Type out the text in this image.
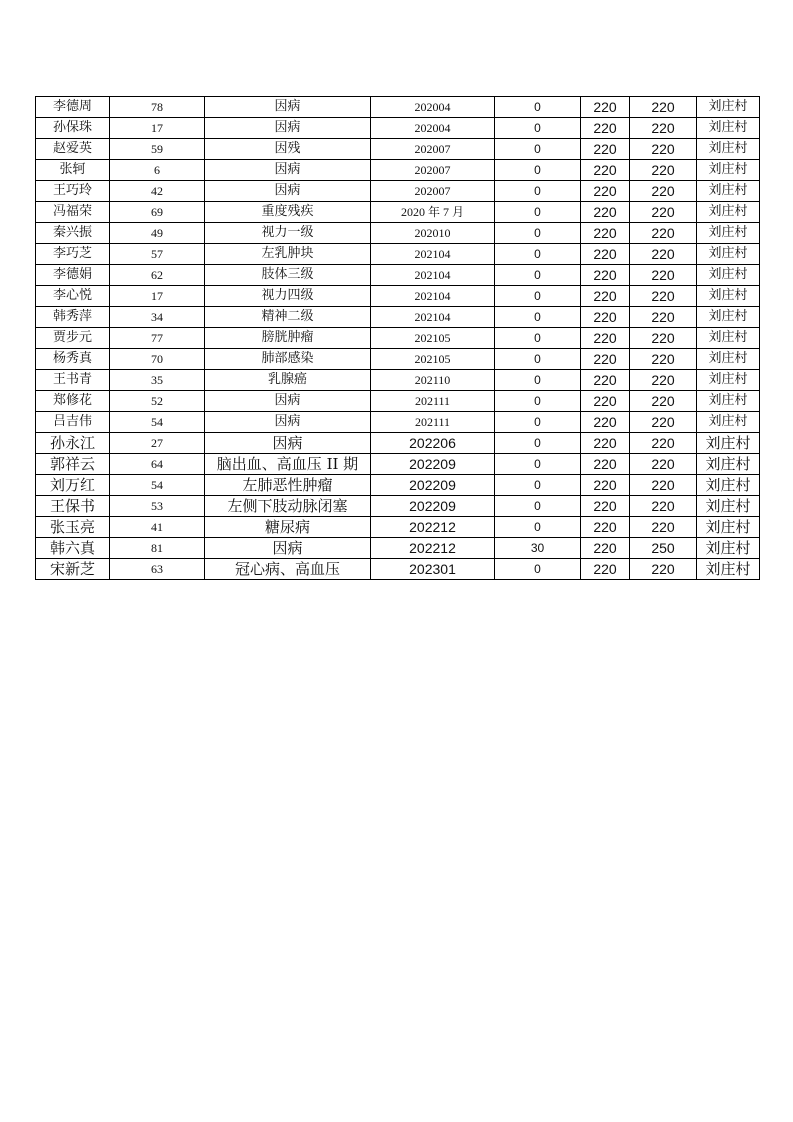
李德周	78	因病	202004	0	220	220	刘庄村
孙保珠	17	因病	202004	0	220	220	刘庄村
赵爱英	59	因残	202007	0	220	220	刘庄村
张轲	6	因病	202007	0	220	220	刘庄村
王巧玲	42	因病	202007	0	220	220	刘庄村
冯福荣	69	重度残疾	2020 年 7 月	0	220	220	刘庄村
秦兴振	49	视力一级	202010	0	220	220	刘庄村
李巧芝	57	左乳肿块	202104	0	220	220	刘庄村
李德娟	62	肢体三级	202104	0	220	220	刘庄村
李心悦	17	视力四级	202104	0	220	220	刘庄村
韩秀萍	34	精神二级	202104	0	220	220	刘庄村
贾步元	77	膀胱肿瘤	202105	0	220	220	刘庄村
杨秀真	70	肺部感染	202105	0	220	220	刘庄村
王书青	35	乳腺癌	202110	0	220	220	刘庄村
郑修花	52	因病	202111	0	220	220	刘庄村
吕吉伟	54	因病	202111	0	220	220	刘庄村
孙永江	27	因病	202206	0	220	220	刘庄村
郭祥云	64	脑出血、高血压 II 期	202209	0	220	220	刘庄村
刘万红	54	左肺恶性肿瘤	202209	0	220	220	刘庄村
王保书	53	左侧下肢动脉闭塞	202209	0	220	220	刘庄村
张玉亮	41	糖尿病	202212	0	220	220	刘庄村
韩六真	81	因病	202212	30	220	250	刘庄村
宋新芝	63	冠心病、高血压	202301	0	220	220	刘庄村
